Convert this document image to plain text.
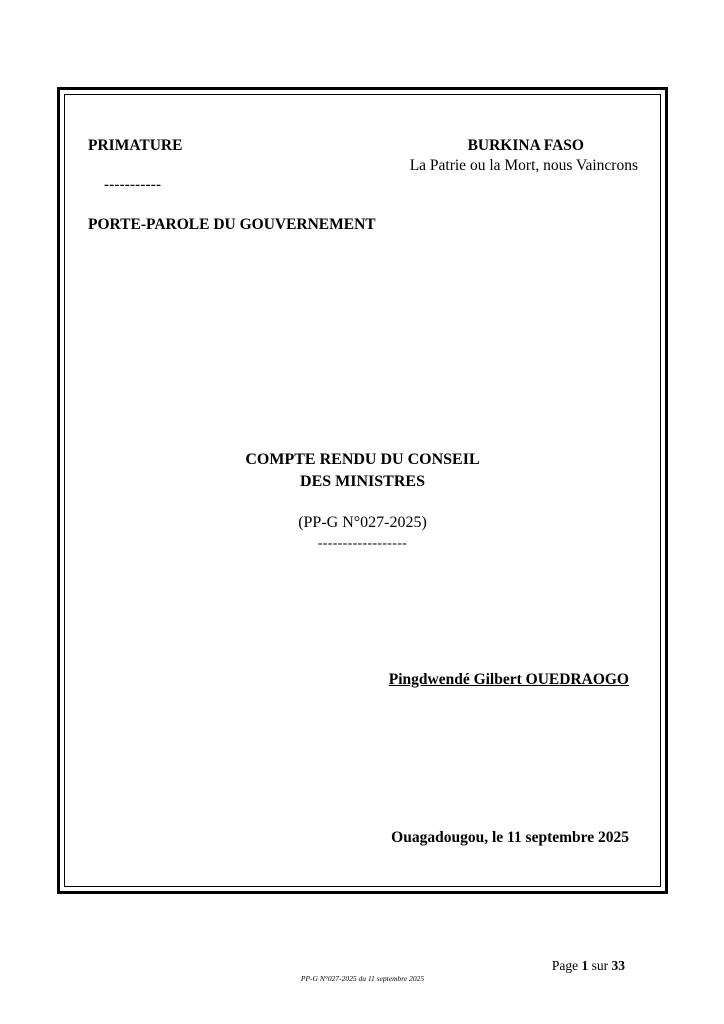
PRIMATURE
-----------
PORTE-PAROLE DU GOUVERNEMENT
BURKINA FASO
La Patrie ou la Mort, nous Vaincrons
COMPTE RENDU DU CONSEIL
DES MINISTRES
(PP-G N°027-2025)
------------------
Pingdwendé Gilbert OUEDRAOGO
Ouagadougou, le 11 septembre 2025
Page 1 sur 33
PP-G N°027-2025 du 11 septembre 2025
